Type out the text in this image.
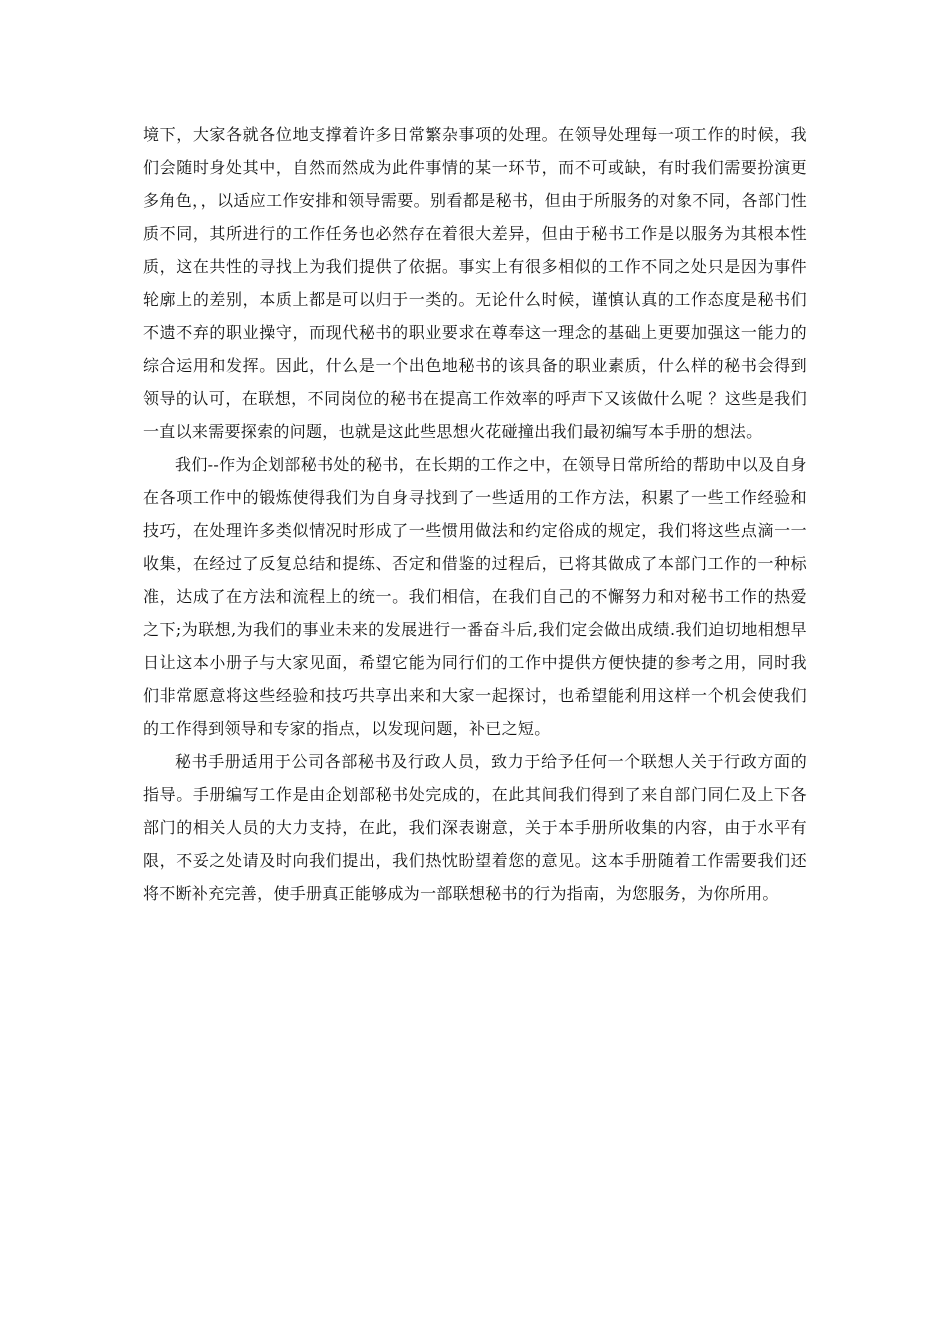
境下，大家各就各位地支撑着许多日常繁杂事项的处理。在领导处理每一项工作的时候，我们会随时身处其中，自然而然成为此件事情的某一环节，而不可或缺，有时我们需要扮演更多角色，，以适应工作安排和领导需要。别看都是秘书，但由于所服务的对象不同，各部门性质不同，其所进行的工作任务也必然存在着很大差异，但由于秘书工作是以服务为其根本性质，这在共性的寻找上为我们提供了依据。事实上有很多相似的工作不同之处只是因为事件轮廓上的差别，本质上都是可以归于一类的。无论什么时候，谨慎认真的工作态度是秘书们不遗不弃的职业操守，而现代秘书的职业要求在尊奉这一理念的基础上更要加强这一能力的综合运用和发挥。因此，什么是一个出色地秘书的该具备的职业素质，什么样的秘书会得到领导的认可，在联想，不同岗位的秘书在提高工作效率的呼声下又该做什么呢 ？这些是我们一直以来需要探索的问题，也就是这此些思想火花碰撞出我们最初编写本手册的想法。

我们--作为企划部秘书处的秘书，在长期的工作之中，在领导日常所给的帮助中以及自身在各项工作中的锻炼使得我们为自身寻找到了一些适用的工作方法，积累了一些工作经验和技巧，在处理许多类似情况时形成了一些惯用做法和约定俗成的规定，我们将这些点滴一一收集，在经过了反复总结和提练、否定和借鉴的过程后，已将其做成了本部门工作的一种标准，达成了在方法和流程上的统一。我们相信，在我们自己的不懈努力和对秘书工作的热爱之下;为联想,为我们的事业未来的发展进行一番奋斗后,我们定会做出成绩.我们迫切地相想早日让这本小册子与大家见面，希望它能为同行们的工作中提供方便快捷的参考之用，同时我们非常愿意将这些经验和技巧共享出来和大家一起探讨，也希望能利用这样一个机会使我们的工作得到领导和专家的指点，以发现问题，补已之短。

秘书手册适用于公司各部秘书及行政人员，致力于给予任何一个联想人关于行政方面的指导。手册编写工作是由企划部秘书处完成的，在此其间我们得到了来自部门同仁及上下各部门的相关人员的大力支持，在此，我们深表谢意，关于本手册所收集的内容，由于水平有限，不妥之处请及时向我们提出，我们热忱盼望着您的意见。这本手册随着工作需要我们还将不断补充完善，使手册真正能够成为一部联想秘书的行为指南，为您服务，为你所用。
